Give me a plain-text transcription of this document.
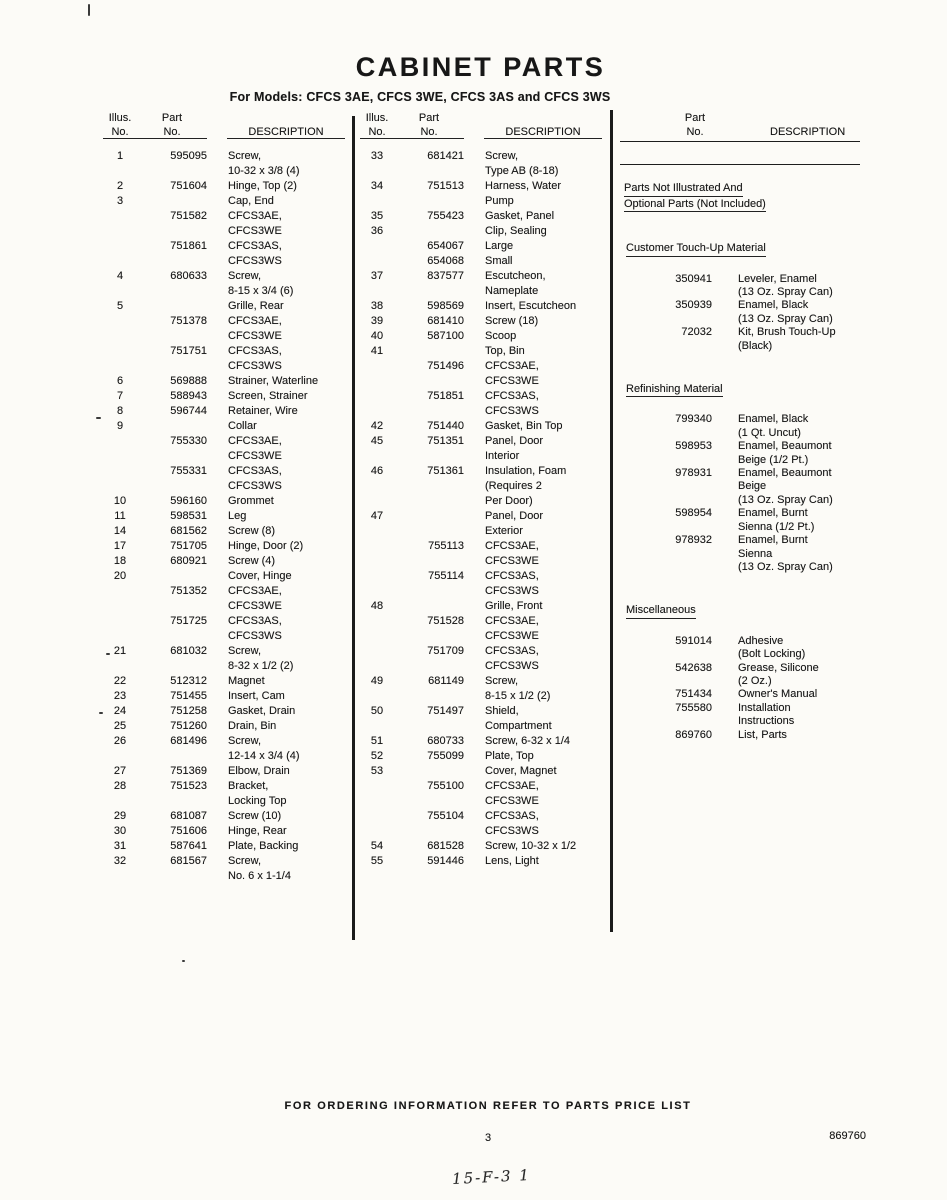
CABINET PARTS
For Models: CFCS 3AE, CFCS 3WE, CFCS 3AS and CFCS 3WS
Illus.	Part
No.	No.	DESCRIPTION
1	595095	Screw,
10-32 x 3/8 (4)
2	751604	Hinge, Top (2)
3	Cap, End
751582	CFCS3AE,
CFCS3WE
751861	CFCS3AS,
CFCS3WS
4	680633	Screw,
8-15 x 3/4 (6)
5	Grille, Rear
751378	CFCS3AE,
CFCS3WE
751751	CFCS3AS,
CFCS3WS
6	569888	Strainer, Waterline
7	588943	Screen, Strainer
8	596744	Retainer, Wire
9	Collar
755330	CFCS3AE,
CFCS3WE
755331	CFCS3AS,
CFCS3WS
10	596160	Grommet
11	598531	Leg
14	681562	Screw (8)
17	751705	Hinge, Door (2)
18	680921	Screw (4)
20	Cover, Hinge
751352	CFCS3AE,
CFCS3WE
751725	CFCS3AS,
CFCS3WS
21	681032	Screw,
8-32 x 1/2 (2)
22	512312	Magnet
23	751455	Insert, Cam
24	751258	Gasket, Drain
25	751260	Drain, Bin
26	681496	Screw,
12-14 x 3/4 (4)
27	751369	Elbow, Drain
28	751523	Bracket,
Locking Top
29	681087	Screw (10)
30	751606	Hinge, Rear
31	587641	Plate, Backing
32	681567	Screw,
No. 6 x 1-1/4
Illus.	Part
No.	No.	DESCRIPTION
33	681421	Screw,
Type AB (8-18)
34	751513	Harness, Water
Pump
35	755423	Gasket, Panel
36	Clip, Sealing
654067	Large
654068	Small
37	837577	Escutcheon,
Nameplate
38	598569	Insert, Escutcheon
39	681410	Screw (18)
40	587100	Scoop
41	Top, Bin
751496	CFCS3AE,
CFCS3WE
751851	CFCS3AS,
CFCS3WS
42	751440	Gasket, Bin Top
45	751351	Panel, Door
Interior
46	751361	Insulation, Foam
(Requires 2
Per Door)
47	Panel, Door
Exterior
755113	CFCS3AE,
CFCS3WE
755114	CFCS3AS,
CFCS3WS
48	Grille, Front
751528	CFCS3AE,
CFCS3WE
751709	CFCS3AS,
CFCS3WS
49	681149	Screw,
8-15 x 1/2 (2)
50	751497	Shield,
Compartment
51	680733	Screw, 6-32 x 1/4
52	755099	Plate, Top
53	Cover, Magnet
755100	CFCS3AE,
CFCS3WE
755104	CFCS3AS,
CFCS3WS
54	681528	Screw, 10-32 x 1/2
55	591446	Lens, Light
Part
No.	DESCRIPTION
Parts Not Illustrated And
Optional Parts (Not Included)
Customer Touch-Up Material
350941	Leveler, Enamel
(13 Oz. Spray Can)
350939	Enamel, Black
(13 Oz. Spray Can)
72032	Kit, Brush Touch-Up
(Black)
Refinishing Material
799340	Enamel, Black
(1 Qt. Uncut)
598953	Enamel, Beaumont
Beige (1/2 Pt.)
978931	Enamel, Beaumont
Beige
(13 Oz. Spray Can)
598954	Enamel, Burnt
Sienna (1/2 Pt.)
978932	Enamel, Burnt
Sienna
(13 Oz. Spray Can)
Miscellaneous
591014	Adhesive
(Bolt Locking)
542638	Grease, Silicone
(2 Oz.)
751434	Owner's Manual
755580	Installation
Instructions
869760	List, Parts
FOR ORDERING INFORMATION REFER TO PARTS PRICE LIST
3	869760
15-F-3 1
